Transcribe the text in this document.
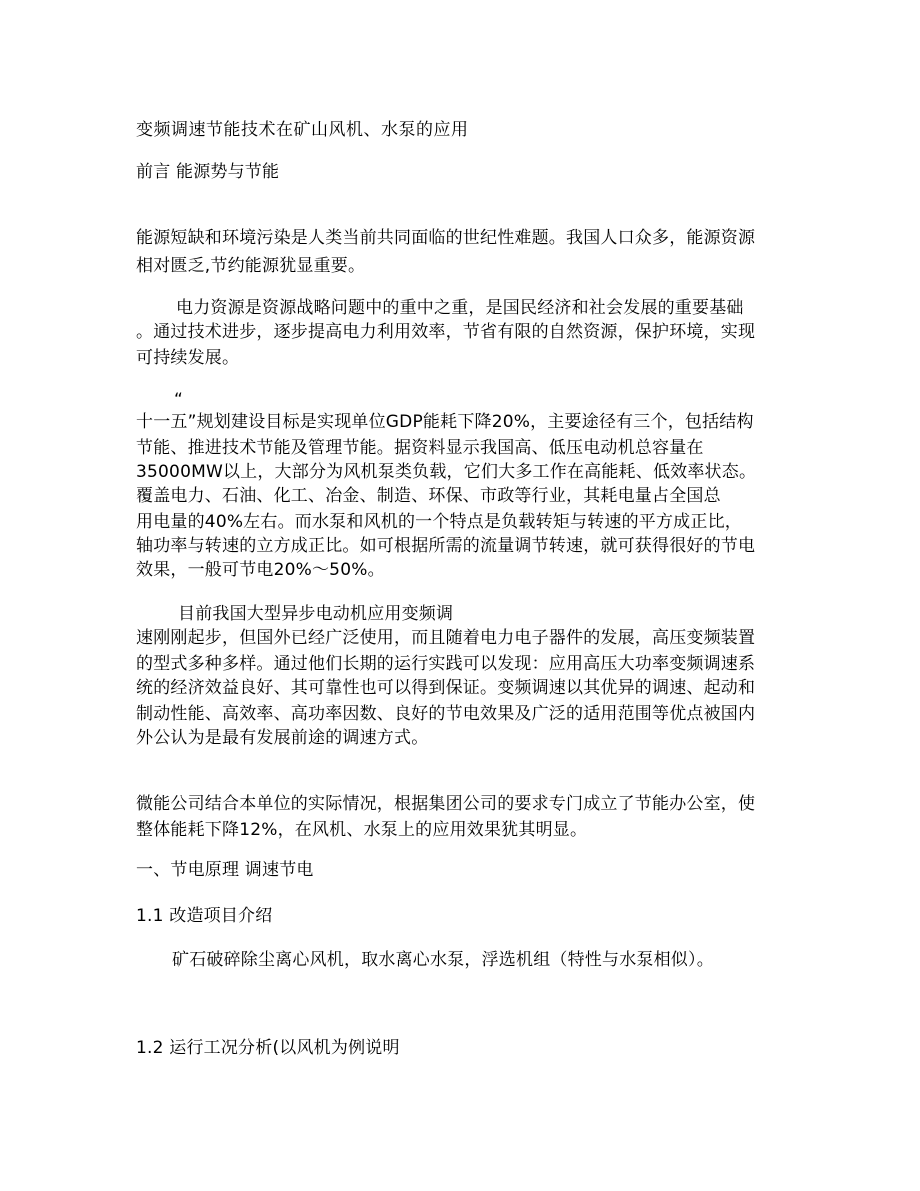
变频调速节能技术在矿山风机、水泵的应用
前言 能源势与节能
能源短缺和环境污染是人类当前共同面临的世纪性难题。我国人口众多，能源资源
相对匮乏,节约能源犹显重要。
电力资源是资源战略问题中的重中之重，是国民经济和社会发展的重要基础
。通过技术进步，逐步提高电力利用效率，节省有限的自然资源，保护环境，实现
可持续发展。
“
十一五”规划建设目标是实现单位GDP能耗下降20%，主要途径有三个，包括结构
节能、推进技术节能及管理节能。据资料显示我国高、低压电动机总容量在
35000MW以上，大部分为风机泵类负载，它们大多工作在高能耗、低效率状态。
覆盖电力、石油、化工、冶金、制造、环保、市政等行业，其耗电量占全国总
用电量的40%左右。而水泵和风机的一个特点是负载转矩与转速的平方成正比，
轴功率与转速的立方成正比。如可根据所需的流量调节转速，就可获得很好的节电
效果，一般可节电20%～50%。
目前我国大型异步电动机应用变频调
速刚刚起步，但国外已经广泛使用，而且随着电力电子器件的发展，高压变频装置
的型式多种多样。通过他们长期的运行实践可以发现：应用高压大功率变频调速系
统的经济效益良好、其可靠性也可以得到保证。变频调速以其优异的调速、起动和
制动性能、高效率、高功率因数、良好的节电效果及广泛的适用范围等优点被国内
外公认为是最有发展前途的调速方式。
微能公司结合本单位的实际情况，根据集团公司的要求专门成立了节能办公室，使
整体能耗下降12%，在风机、水泵上的应用效果犹其明显。
一、节电原理 调速节电
1.1 改造项目介绍
矿石破碎除尘离心风机，取水离心水泵，浮选机组（特性与水泵相似）。
1.2 运行工况分析(以风机为例说明
